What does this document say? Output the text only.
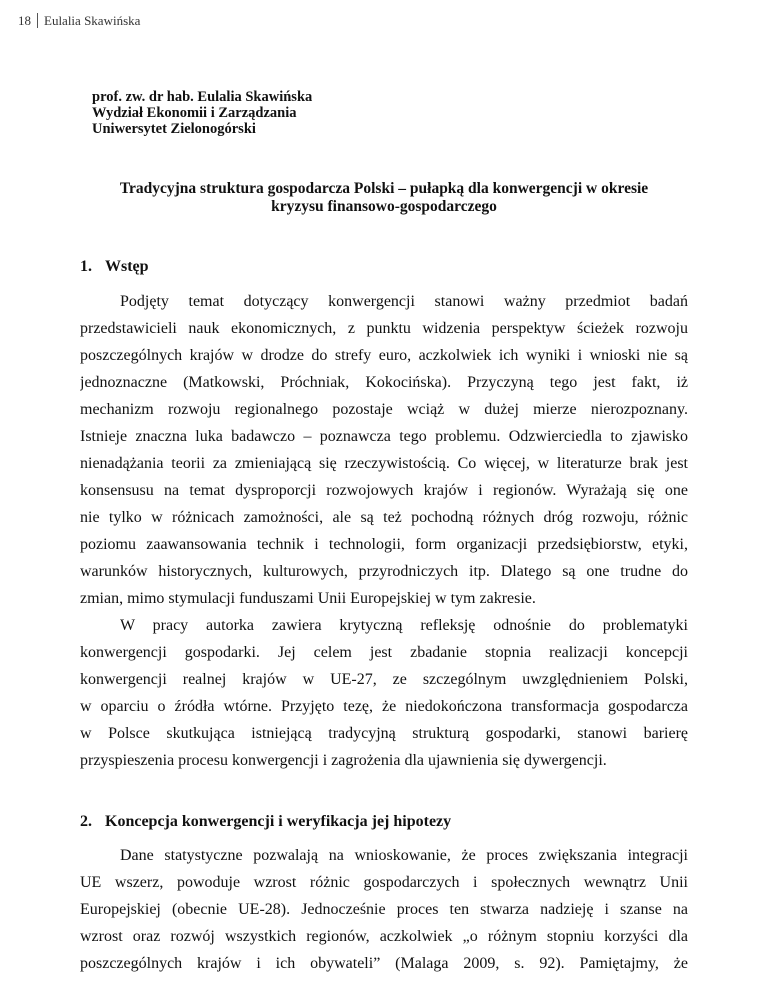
18 Eulalia Skawińska
prof. zw. dr hab. Eulalia Skawińska
Wydział Ekonomii i Zarządzania
Uniwersytet Zielonogórski
Tradycyjna struktura gospodarcza Polski – pułapką dla konwergencji w okresie
kryzysu finansowo-gospodarczego
1. Wstęp
Podjęty temat dotyczący konwergencji stanowi ważny przedmiot badań
przedstawicieli nauk ekonomicznych, z punktu widzenia perspektyw ścieżek rozwoju
poszczególnych krajów w drodze do strefy euro, aczkolwiek ich wyniki i wnioski nie są
jednoznaczne (Matkowski, Próchniak, Kokocińska). Przyczyną tego jest fakt, iż
mechanizm rozwoju regionalnego pozostaje wciąż w dużej mierze nierozpoznany.
Istnieje znaczna luka badawczo – poznawcza tego problemu. Odzwierciedla to zjawisko
nienadążania teorii za zmieniającą się rzeczywistością. Co więcej, w literaturze brak jest
konsensusu na temat dysproporcji rozwojowych krajów i regionów. Wyrażają się one
nie tylko w różnicach zamożności, ale są też pochodną różnych dróg rozwoju, różnic
poziomu zaawansowania technik i technologii, form organizacji przedsiębiorstw, etyki,
warunków historycznych, kulturowych, przyrodniczych itp. Dlatego są one trudne do
zmian, mimo stymulacji funduszami Unii Europejskiej w tym zakresie.
W pracy autorka zawiera krytyczną refleksję odnośnie do problematyki
konwergencji gospodarki. Jej celem jest zbadanie stopnia realizacji koncepcji
konwergencji realnej krajów w UE-27, ze szczególnym uwzględnieniem Polski,
w oparciu o źródła wtórne. Przyjęto tezę, że niedokończona transformacja gospodarcza
w Polsce skutkująca istniejącą tradycyjną strukturą gospodarki, stanowi barierę
przyspieszenia procesu konwergencji i zagrożenia dla ujawnienia się dywergencji.
2. Koncepcja konwergencji i weryfikacja jej hipotezy
Dane statystyczne pozwalają na wnioskowanie, że proces zwiększania integracji
UE wszerz, powoduje wzrost różnic gospodarczych i społecznych wewnątrz Unii
Europejskiej (obecnie UE-28). Jednocześnie proces ten stwarza nadzieję i szanse na
wzrost oraz rozwój wszystkich regionów, aczkolwiek „o różnym stopniu korzyści dla
poszczególnych krajów i ich obywateli” (Malaga 2009, s. 92). Pamiętajmy, że
